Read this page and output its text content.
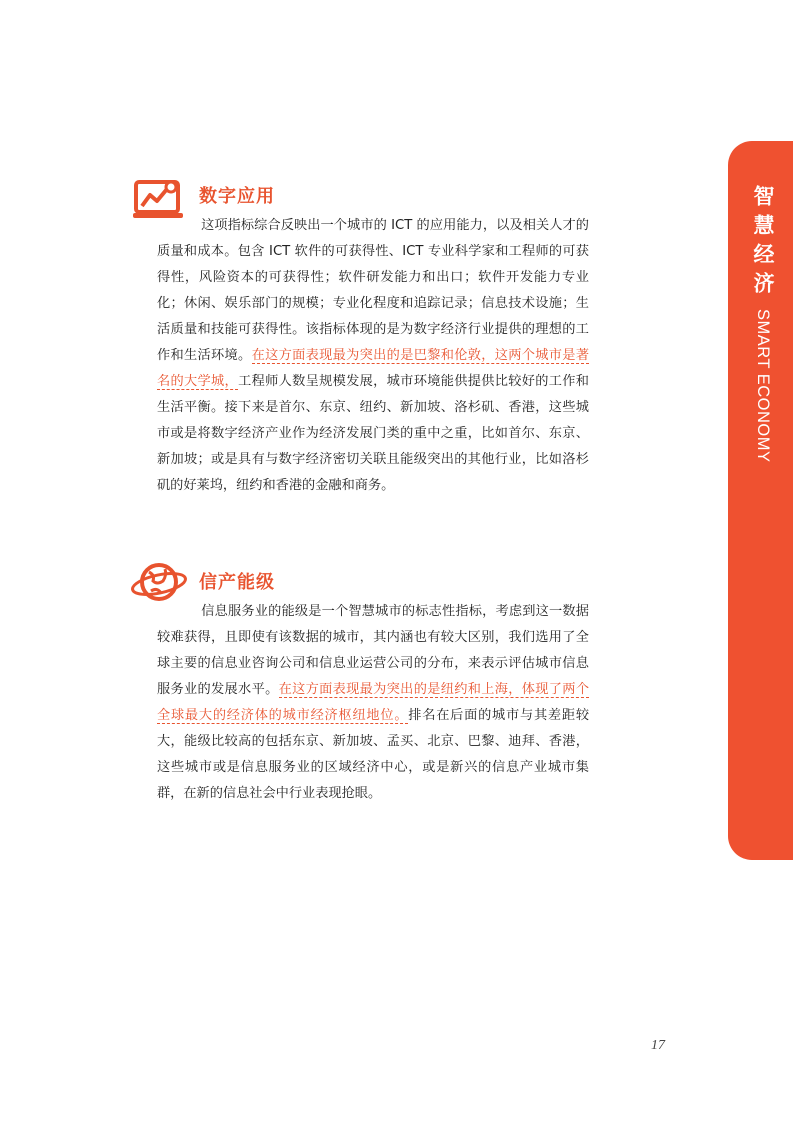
智慧经济SMART ECONOMY
数字应用
这项指标综合反映出一个城市的 ICT 的应用能力，以及相关人才的质量和成本。包含 ICT 软件的可获得性、ICT 专业科学家和工程师的可获得性，风险资本的可获得性；软件研发能力和出口；软件开发能力专业化；休闲、娱乐部门的规模；专业化程度和追踪记录；信息技术设施；生活质量和技能可获得性。该指标体现的是为数字经济行业提供的理想的工作和生活环境。在这方面表现最为突出的是巴黎和伦敦，这两个城市是著名的大学城，工程师人数呈规模发展，城市环境能供提供比较好的工作和生活平衡。接下来是首尔、东京、纽约、新加坡、洛杉矶、香港，这些城市或是将数字经济产业作为经济发展门类的重中之重，比如首尔、东京、新加坡；或是具有与数字经济密切关联且能级突出的其他行业，比如洛杉矶的好莱坞，纽约和香港的金融和商务。
信产能级
信息服务业的能级是一个智慧城市的标志性指标，考虑到这一数据较难获得，且即使有该数据的城市，其内涵也有较大区别，我们选用了全球主要的信息业咨询公司和信息业运营公司的分布，来表示评估城市信息服务业的发展水平。在这方面表现最为突出的是纽约和上海，体现了两个全球最大的经济体的城市经济枢纽地位。排名在后面的城市与其差距较大，能级比较高的包括东京、新加坡、孟买、北京、巴黎、迪拜、香港，这些城市或是信息服务业的区域经济中心，或是新兴的信息产业城市集群，在新的信息社会中行业表现抢眼。
17
